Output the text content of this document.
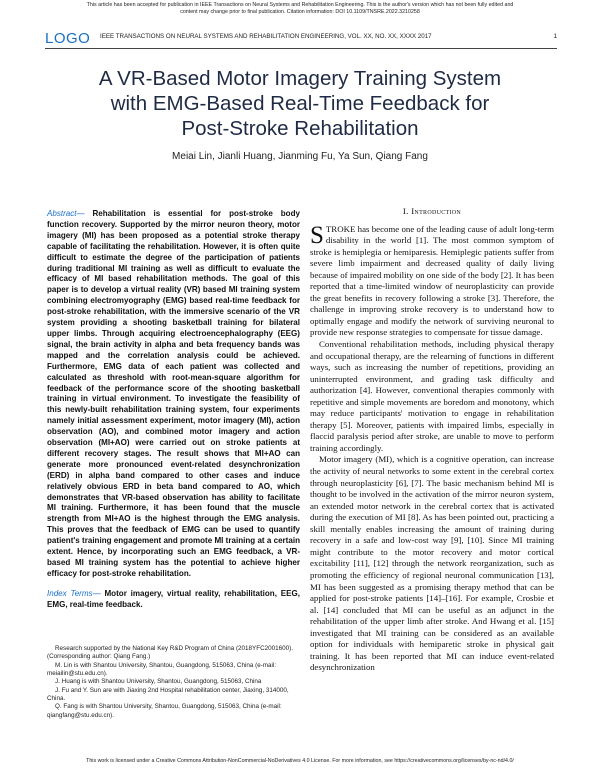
This article has been accepted for publication in IEEE Transactions on Neural Systems and Rehabilitation Engineering. This is the author's version which has not been fully edited and
content may change prior to final publication. Citation information: DOI 10.1109/TNSRE.2022.3210258
LOGO IEEE TRANSACTIONS ON NEURAL SYSTEMS AND REHABILITATION ENGINEERING, VOL. XX, NO. XX, XXXX 2017	1
A VR-Based Motor Imagery Training System
with EMG-Based Real-Time Feedback for
Post-Stroke Rehabilitation
Meiai Lin, Jianli Huang, Jianming Fu, Ya Sun, Qiang Fang

Abstract— Rehabilitation is essential for post-stroke body function recovery. Supported by the mirror neuron theory, motor imagery (MI) has been proposed as a potential stroke therapy capable of facilitating the rehabilitation. However, it is often quite difficult to estimate the degree of the participation of patients during traditional MI training as well as difficult to evaluate the efficacy of MI based rehabilitation methods. The goal of this paper is to develop a virtual reality (VR) based MI training system combining electromyography (EMG) based real-time feedback for post-stroke rehabilitation, with the immersive scenario of the VR system providing a shooting basketball training for bilateral upper limbs. Through acquiring electroencephalography (EEG) signal, the brain activity in alpha and beta frequency bands was mapped and the correlation analysis could be achieved. Furthermore, EMG data of each patient was collected and calculated as threshold with root-mean-square algorithm for feedback of the performance score of the shooting basketball training in virtual environment. To investigate the feasibility of this newly-built rehabilitation training system, four experiments namely initial assessment experiment, motor imagery (MI), action observation (AO), and combined motor imagery and action observation (MI+AO) were carried out on stroke patients at different recovery stages. The result shows that MI+AO can generate more pronounced event-related desynchronization (ERD) in alpha band compared to other cases and induce relatively obvious ERD in beta band compared to AO, which demonstrates that VR-based observation has ability to facilitate MI training. Furthermore, it has been found that the muscle strength from MI+AO is the highest through the EMG analysis. This proves that the feedback of EMG can be used to quantify patient's training engagement and promote MI training at a certain extent. Hence, by incorporating such an EMG feedback, a VR-based MI training system has the potential to achieve higher efficacy for post-stroke rehabilitation.

Index Terms— Motor imagery, virtual reality, rehabilitation, EEG, EMG, real-time feedback.

Research supported by the National Key R&D Program of China (2018YFC2001600). (Corresponding author: Qiang Fang.)

M. Lin is with Shantou University, Shantou, Guangdong, 515063, China (e-mail: meiailin@stu.edu.cn).

J. Huang is with Shantou University, Shantou, Guangdong, 515063, China

J. Fu and Y. Sun are with Jiaxing 2nd Hospital rehabilitation center, Jiaxing, 314000, China.

Q. Fang is with Shantou University, Shantou, Guangdong, 515063, China (e-mail: qiangfang@stu.edu.cn).

I. Introduction

STROKE has become one of the leading cause of adult long-term disability in the world [1]. The most common symptom of stroke is hemiplegia or hemiparesis. Hemiplegic patients suffer from severe limb impairment and decreased quality of daily living because of impaired mobility on one side of the body [2]. It has been reported that a time-limited window of neuroplasticity can provide the great benefits in recovery following a stroke [3]. Therefore, the challenge in improving stroke recovery is to understand how to optimally engage and modify the network of surviving neuronal to provide new response strategies to compensate for tissue damage.

Conventional rehabilitation methods, including physical therapy and occupational therapy, are the relearning of functions in different ways, such as increasing the number of repetitions, providing an uninterrupted environment, and grading task difficulty and authorization [4]. However, conventional therapies commonly with repetitive and simple movements are boredom and monotony, which may reduce participants' motivation to engage in rehabilitation therapy [5]. Moreover, patients with impaired limbs, especially in flaccid paralysis period after stroke, are unable to move to perform training accordingly.

Motor imagery (MI), which is a cognitive operation, can increase the activity of neural networks to some extent in the cerebral cortex through neuroplasticity [6], [7]. The basic mechanism behind MI is thought to be involved in the activation of the mirror neuron system, an extended motor network in the cerebral cortex that is activated during the execution of MI [8]. As has been pointed out, practicing a skill mentally enables increasing the amount of training during recovery in a safe and low-cost way [9], [10]. Since MI training might contribute to the motor recovery and motor cortical excitability [11], [12] through the network reorganization, such as promoting the efficiency of regional neuronal communication [13], MI has been suggested as a promising therapy method that can be applied for post-stroke patients [14]–[16]. For example, Crosbie et al. [14] concluded that MI can be useful as an adjunct in the rehabilitation of the upper limb after stroke. And Hwang et al. [15] investigated that MI training can be considered as an available option for individuals with hemiparetic stroke in physical gait training. It has been reported that MI can induce event-related desynchronization

This work is licensed under a Creative Commons Attribution-NonCommercial-NoDerivatives 4.0 License. For more information, see https://creativecommons.org/licenses/by-nc-nd/4.0/
